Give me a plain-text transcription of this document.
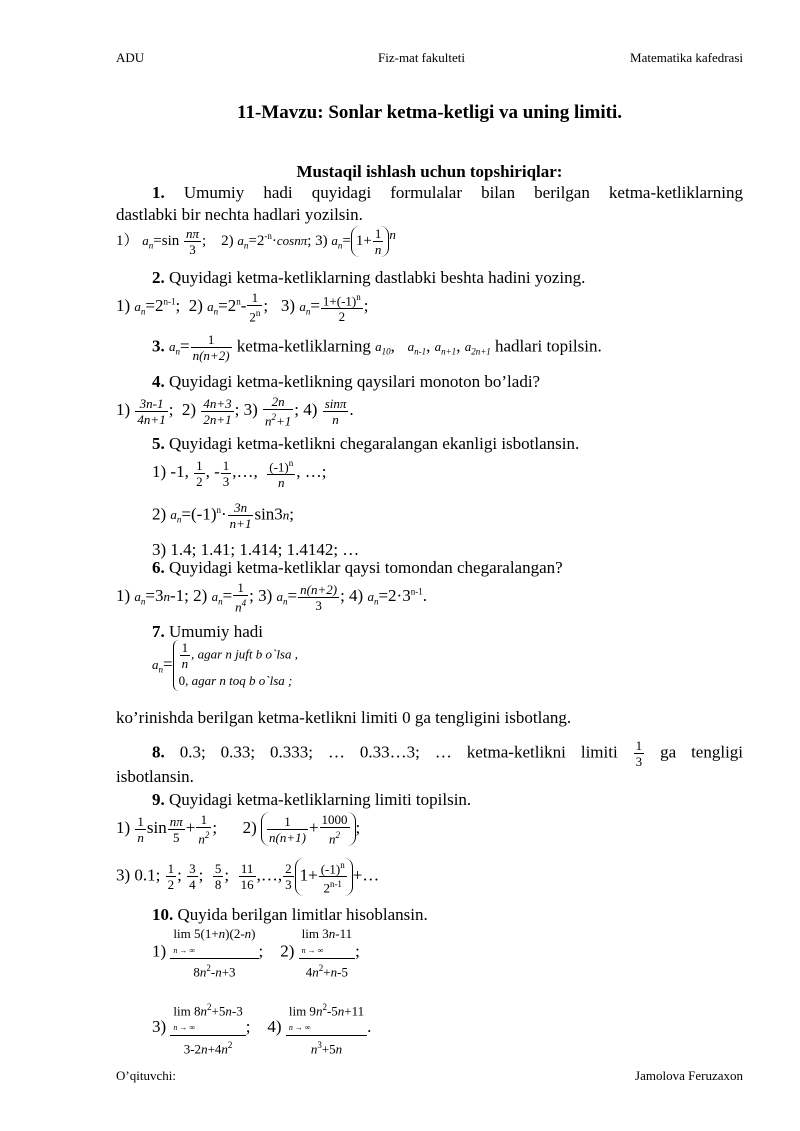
ADU	Fiz-mat fakulteti	Matematika kafedrasi
11-Mavzu: Sonlar ketma-ketligi va uning limiti.
Mustaqil ishlash uchun topshiriqlar:
1. Umumiy hadi quyidagi formulalar bilan berilgan ketma-ketliklarning
dastlabki bir nechta hadlari yozilsin.
1） $a_n=\sin \frac{n\pi}{3}$ ;    2) $a_n=2^{-n}\cdot\cos n\pi$; 3) $a_n= 1+ \frac{1}{n} ^n$
2. Quyidagi ketma-ketliklarning dastlabki beshta hadini yozing.
1) $a_n=2^{n-1}$;  2) $a_n=2^n- \frac{1}{2^n}$ ;   3) $a_n= \frac{1+(-1)^n}{2}$ ;
3. $a_n= \frac{1}{n(n+2)}$ ketma-ketliklarning $a_{10}$,   $a_{n-1}$, $a_{n+1}$, $a_{2n+1}$ hadlari topilsin.
4. Quyidagi ketma-ketlikning qaysilari monoton bo’ladi?
$1) \frac{3n-1}{4n+1}$ ;  $2) \frac{4n+3}{2n+1}$ ; $3) \frac{2n}{n^2+1}$ ; $4) \frac{\sin\pi}{n}$ .
5. Quyidagi ketma-ketlikni chegaralangan ekanligi isbotlansin.
1) -1, $\frac{1}{2}$ , - $\frac{1}{3}$ ,…, $\frac{(-1)^n}{n}$ , …;
2) $a_n=(-1)^n\cdot \frac{3n}{n+1} \sin 3n$;
3) 1.4; 1.41; 1.414; 1.4142; …
6. Quyidagi ketma-ketliklar qaysi tomondan chegaralangan?
1) $a_n=3n-1$; 2) $a_n= \frac{1}{n^4}$ ; 3) $a_n= \frac{n(n+2)}{3}$ ; 4) $a_n=2\cdot 3^{n-1}$.
7. Umumiy hadi
$a_n= \frac{1}{n}$ , agar n juft b o`lsa ,
0, agar n toq b o`lsa ;
ko’rinishda berilgan ketma-ketlikni limiti 0 ga tengligini isbotlang.
8. 0.3; 0.33; 0.333; … 0.33…3; … ketma-ketlikni limiti $\frac{1}{3}$ ga tengligi
isbotlansin.
9. Quyidagi ketma-ketliklarning limiti topilsin.
$1) \frac{1}{n}$ $\sin \frac{n\pi}{5} + \frac{1}{n^2}$ ;      $2) \frac{1}{n(n+1)} + \frac{1000}{n^2}$ ;
3) 0.1; $\frac{1}{2}$ ; $\frac{3}{4}$ ; $\frac{5}{8}$ ; $\frac{11}{16}$ ,…, $\frac{2}{3} 1+ \frac{(-1)^n}{2^{n-1}}$ +…
10. Quyida berilgan limitlar hisoblansin.
1)
lim 5(1+n)(2-n)
n → ∞
$8n^2-n+3$
;    2)
lim 3n-11
n → ∞
$4n^2+n-5$
;
3)
$\lim 8n^2+5n-3$
n → ∞
$3-2n+4n^2$
;    4)
$\lim 9n^2-5n+11$
n → ∞
$n^3+5n$
.
O’qituvchi:	Jamolova Feruzaxon
